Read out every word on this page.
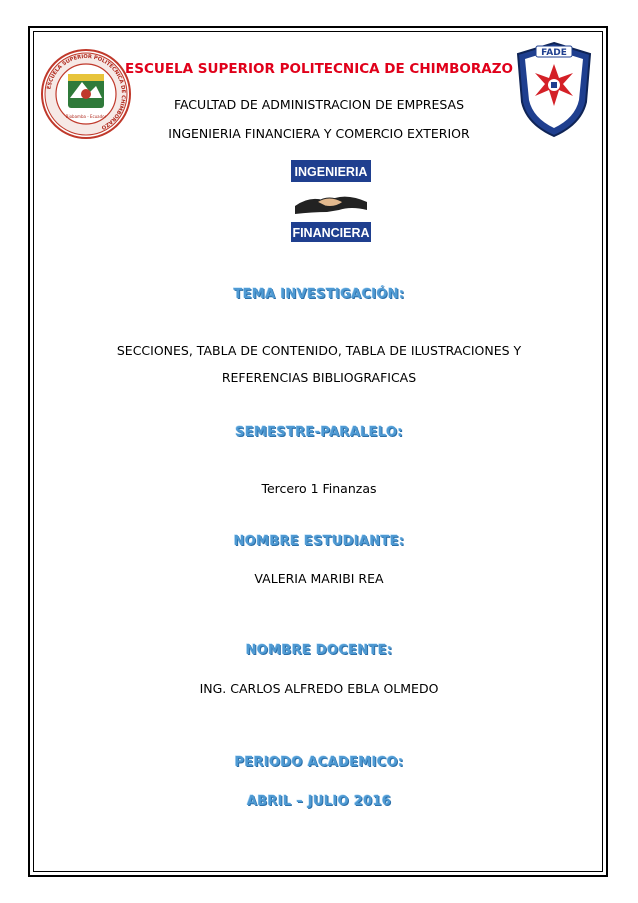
ESCUELA SUPERIOR POLITECNICA DE CHIMBORAZO
Riobamba - Ecuador
FADE
ESCUELA SUPERIOR POLITECNICA DE CHIMBORAZO
FACULTAD DE ADMINISTRACION DE EMPRESAS
INGENIERIA FINANCIERA Y COMERCIO EXTERIOR
INGENIERIA
FINANCIERA
TEMA INVESTIGACIÓN:
SECCIONES, TABLA DE CONTENIDO, TABLA DE ILUSTRACIONES Y
REFERENCIAS BIBLIOGRAFICAS
SEMESTRE-PARALELO:
Tercero 1 Finanzas
NOMBRE ESTUDIANTE:
VALERIA MARIBI REA
NOMBRE DOCENTE:
ING. CARLOS ALFREDO EBLA OLMEDO
PERIODO ACADEMICO:
ABRIL – JULIO 2016
